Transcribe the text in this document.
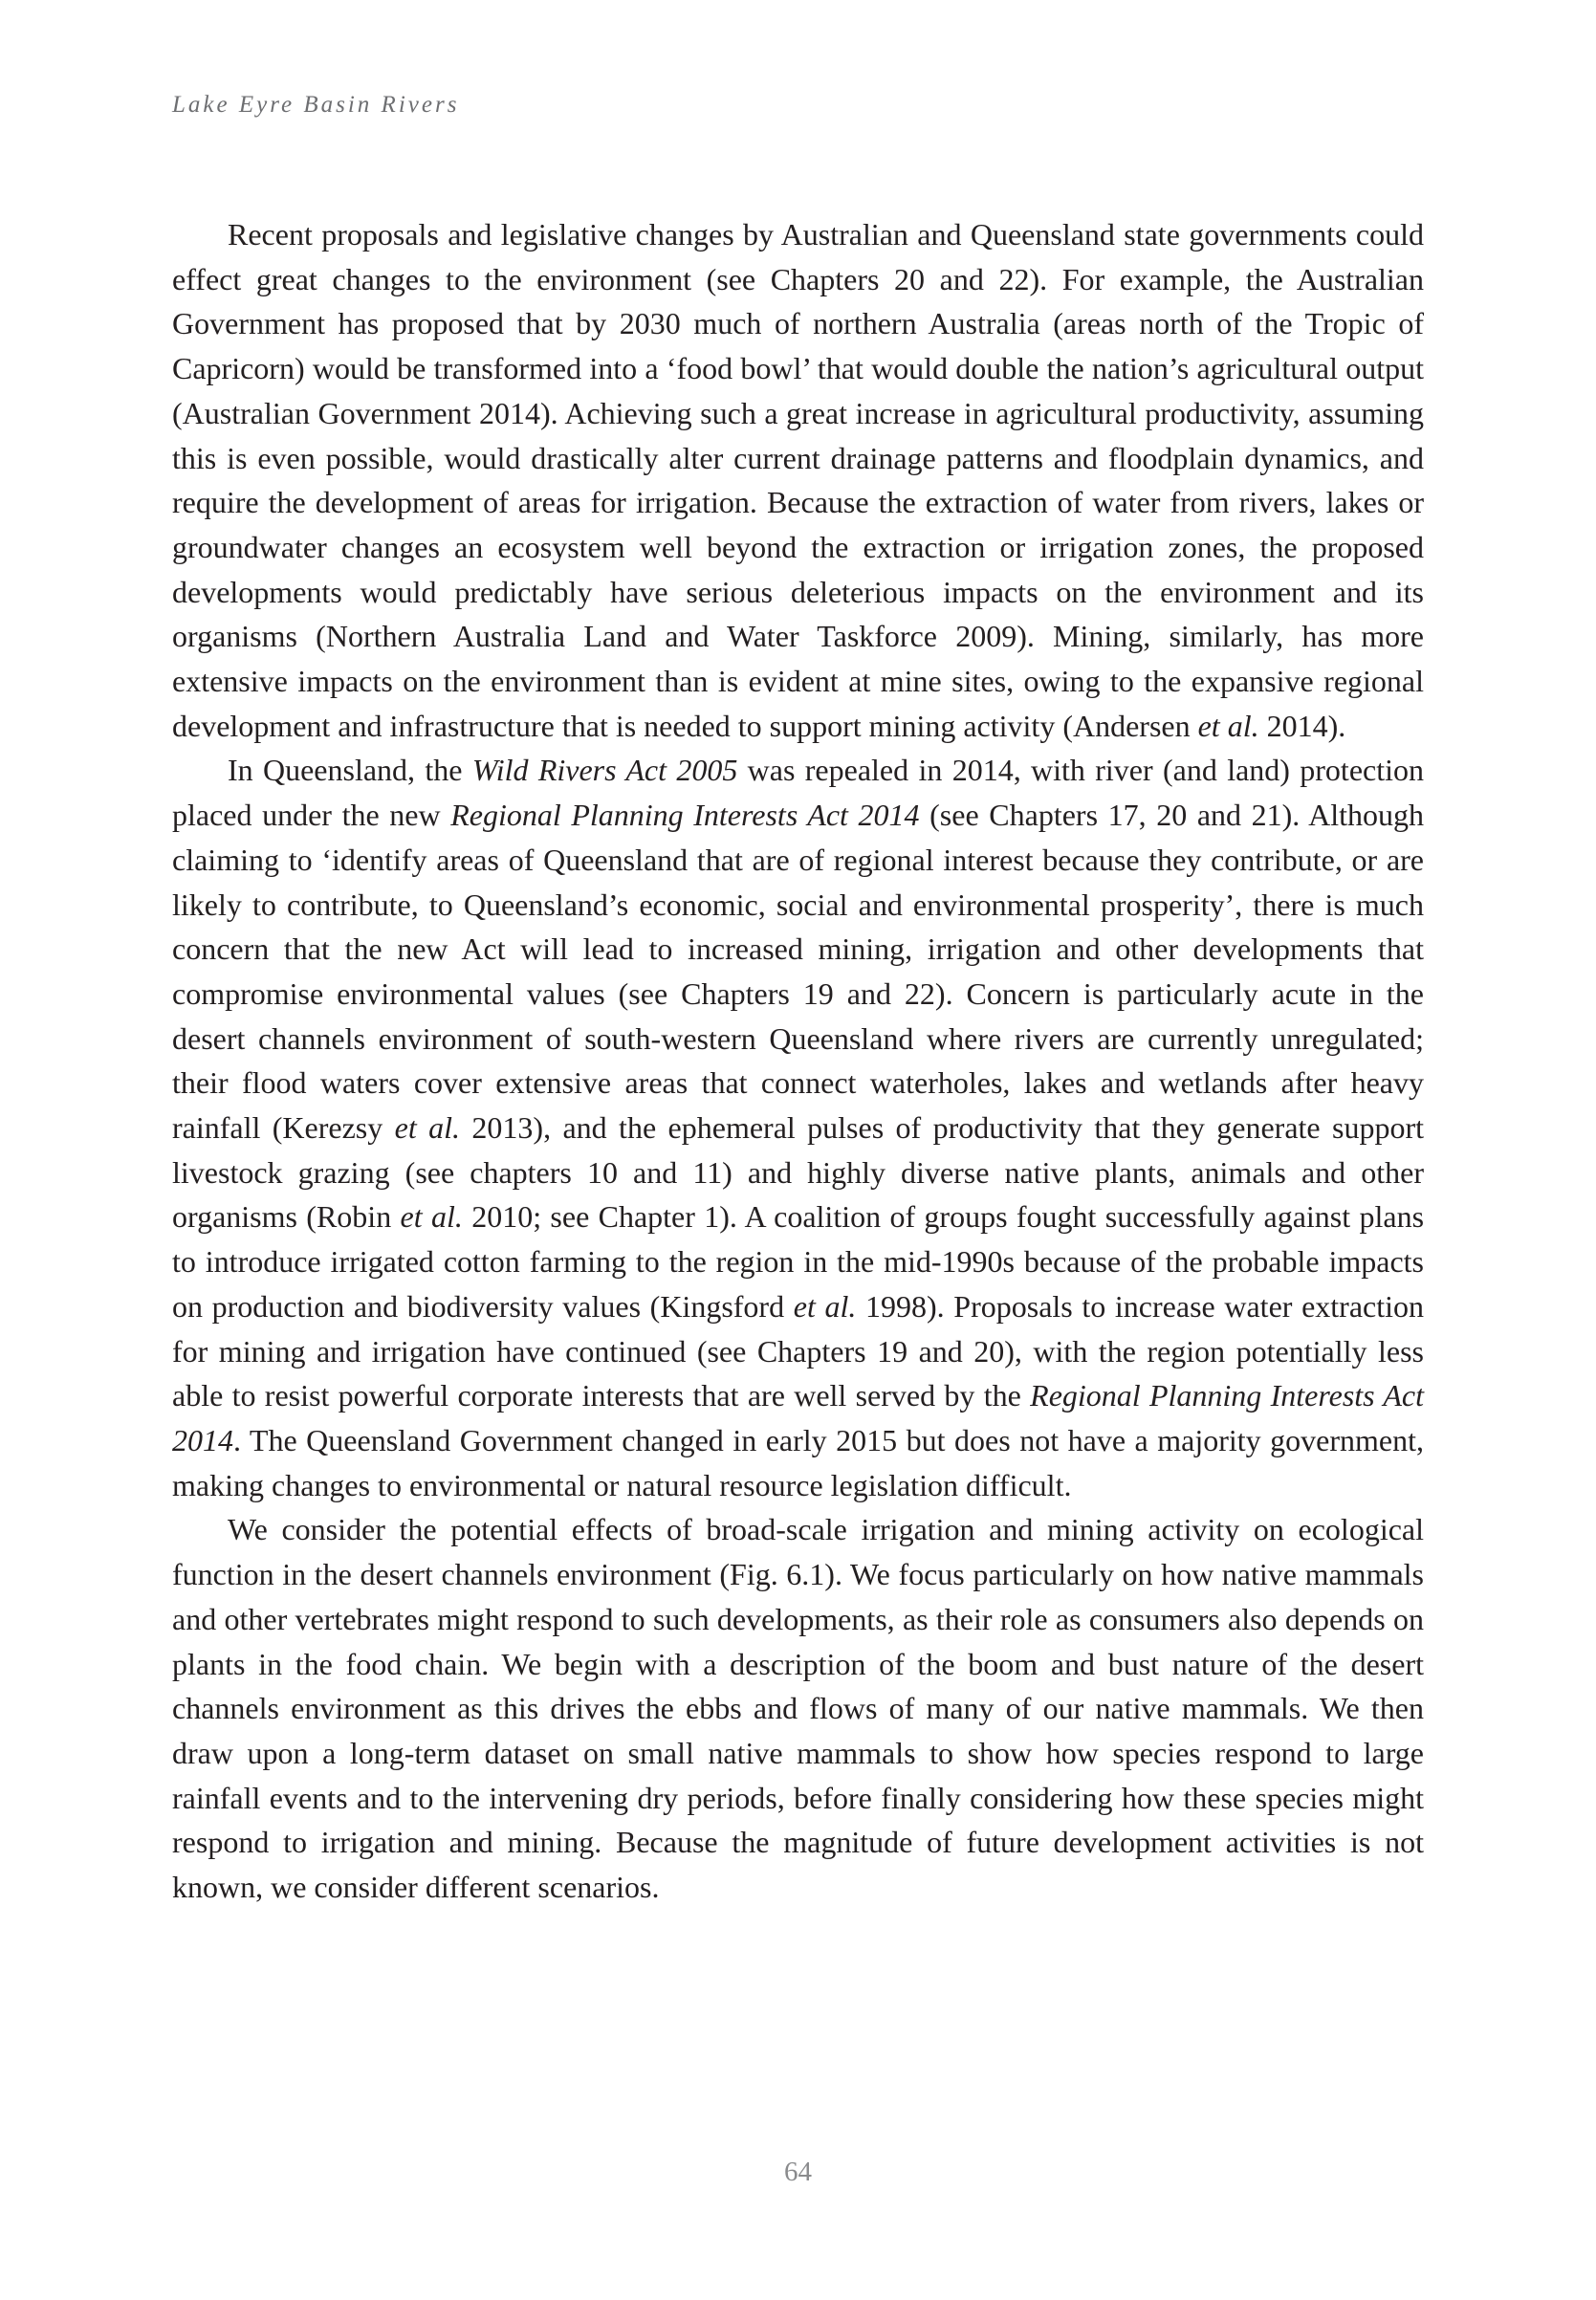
Lake Eyre Basin Rivers

Recent proposals and legislative changes by Australian and Queensland state governments could effect great changes to the environment (see Chapters 20 and 22). For example, the Australian Government has proposed that by 2030 much of northern Australia (areas north of the Tropic of Capricorn) would be transformed into a ‘food bowl’ that would double the nation’s agricultural output (Australian Government 2014). Achieving such a great increase in agricultural productivity, assuming this is even possible, would drastically alter current drainage patterns and floodplain dynamics, and require the development of areas for irrigation. Because the extraction of water from rivers, lakes or groundwater changes an ecosystem well beyond the extraction or irrigation zones, the proposed developments would predictably have serious deleterious impacts on the environment and its organisms (Northern Australia Land and Water Taskforce 2009). Mining, similarly, has more extensive impacts on the environment than is evident at mine sites, owing to the expansive regional development and infrastructure that is needed to support mining activity (Andersen et al. 2014).

In Queensland, the Wild Rivers Act 2005 was repealed in 2014, with river (and land) protection placed under the new Regional Planning Interests Act 2014 (see Chapters 17, 20 and 21). Although claiming to ‘identify areas of Queensland that are of regional interest because they contribute, or are likely to contribute, to Queensland’s economic, social and environmental prosperity’, there is much concern that the new Act will lead to increased mining, irrigation and other developments that compromise environmental values (see Chapters 19 and 22). Concern is particularly acute in the desert channels environment of south-western Queensland where rivers are currently unregulated; their flood waters cover extensive areas that connect waterholes, lakes and wetlands after heavy rainfall (Kerezsy et al. 2013), and the ephemeral pulses of productivity that they generate support livestock grazing (see chapters 10 and 11) and highly diverse native plants, animals and other organisms (Robin et al. 2010; see Chapter 1). A coalition of groups fought successfully against plans to introduce irrigated cotton farming to the region in the mid-1990s because of the probable impacts on production and biodiversity values (Kingsford et al. 1998). Proposals to increase water extraction for mining and irrigation have continued (see Chapters 19 and 20), with the region potentially less able to resist powerful corporate interests that are well served by the Regional Planning Interests Act 2014. The Queensland Government changed in early 2015 but does not have a majority government, making changes to environmental or natural resource legislation difficult.

We consider the potential effects of broad-scale irrigation and mining activity on ecological function in the desert channels environment (Fig. 6.1). We focus particularly on how native mammals and other vertebrates might respond to such developments, as their role as consumers also depends on plants in the food chain. We begin with a description of the boom and bust nature of the desert channels environment as this drives the ebbs and flows of many of our native mammals. We then draw upon a long-term dataset on small native mammals to show how species respond to large rainfall events and to the intervening dry periods, before finally considering how these species might respond to irrigation and mining. Because the magnitude of future development activities is not known, we consider different scenarios.

64
